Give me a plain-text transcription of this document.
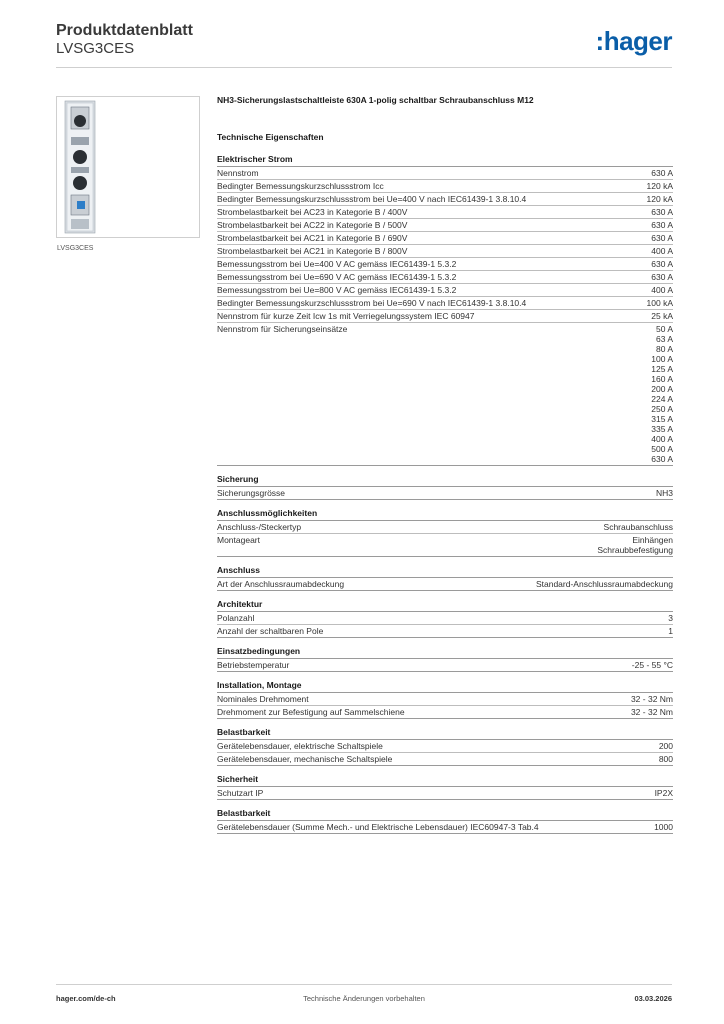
Produktdatenblatt
LVSG3CES	:hager
LVSG3CES
NH3-Sicherungslastschaltleiste 630A 1-polig schaltbar Schraubanschluss M12
Technische Eigenschaften
Elektrischer Strom
Nennstrom	630 A
Bedingter Bemessungskurzschlussstrom Icc	120 kA
Bedingter Bemessungskurzschlussstrom bei Ue=400 V nach IEC61439-1 3.8.10.4	120 kA
Strombelastbarkeit bei AC23 in Kategorie B / 400V	630 A
Strombelastbarkeit bei AC22 in Kategorie B / 500V	630 A
Strombelastbarkeit bei AC21 in Kategorie B / 690V	630 A
Strombelastbarkeit bei AC21 in Kategorie B / 800V	400 A
Bemessungsstrom bei Ue=400 V AC gemäss IEC61439-1 5.3.2	630 A
Bemessungsstrom bei Ue=690 V AC gemäss IEC61439-1 5.3.2	630 A
Bemessungsstrom bei Ue=800 V AC gemäss IEC61439-1 5.3.2	400 A
Bedingter Bemessungskurzschlussstrom bei Ue=690 V nach IEC61439-1 3.8.10.4	100 kA
Nennstrom für kurze Zeit Icw 1s mit Verriegelungssystem IEC 60947	25 kA
Nennstrom für Sicherungseinsätze	50 A
63 A
80 A
100 A
125 A
160 A
200 A
224 A
250 A
315 A
335 A
400 A
500 A
630 A
Sicherung
Sicherungsgrösse	NH3
Anschlussmöglichkeiten
Anschluss-/Steckertyp	Schraubanschluss
Montageart	Einhängen
Schraubbefestigung
Anschluss
Art der Anschlussraumabdeckung	Standard-Anschlussraumabdeckung
Architektur
Polanzahl	3
Anzahl der schaltbaren Pole	1
Einsatzbedingungen
Betriebstemperatur	-25 - 55 °C
Installation, Montage
Nominales Drehmoment	32 - 32 Nm
Drehmoment zur Befestigung auf Sammelschiene	32 - 32 Nm
Belastbarkeit
Gerätelebensdauer, elektrische Schaltspiele	200
Gerätelebensdauer, mechanische Schaltspiele	800
Sicherheit
Schutzart IP	IP2X
Belastbarkeit
Gerätelebensdauer (Summe Mech.- und Elektrische Lebensdauer) IEC60947-3 Tab.4	1000
hager.com/de-ch	Technische Änderungen vorbehalten	03.03.2026
